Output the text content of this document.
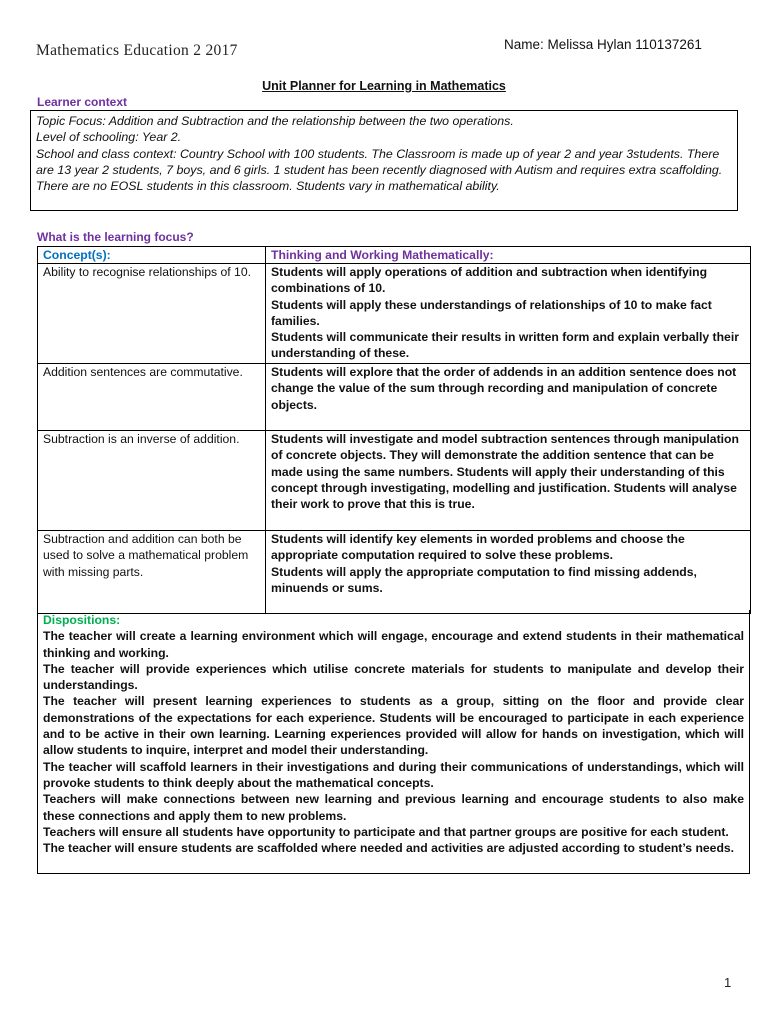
Mathematics Education 2 2017	Name: Melissa Hylan 110137261
Unit Planner for Learning in Mathematics
Learner context

Topic Focus: Addition and Subtraction and the relationship between the two operations.

Level of schooling: Year 2.

School and class context: Country School with 100 students. The Classroom is made up of year 2 and year 3students. There are 13 year 2 students, 7 boys, and 6 girls. 1 student has been recently diagnosed with Autism and requires extra scaffolding. There are no EOSL students in this classroom. Students vary in mathematical ability.

What is the learning focus?
Concept(s):	Thinking and Working Mathematically:
Ability to recognise relationships of 10.	Students will apply operations of addition and subtraction when identifying combinations of 10.

Students will apply these understandings of relationships of 10 to make fact families.

Students will communicate their results in written form and explain verbally their understanding of these.

Addition sentences are commutative.	Students will explore that the order of addends in an addition sentence does not change the value of the sum through recording and manipulation of concrete objects.

Subtraction is an inverse of addition.	Students will investigate and model subtraction sentences through manipulation of concrete objects. They will demonstrate the addition sentence that can be made using the same numbers. Students will apply their understanding of this concept through investigating, modelling and justification. Students will analyse their work to prove that this is true.

Subtraction and addition can both be used to solve a mathematical problem with missing parts.	Students will identify key elements in worded problems and choose the appropriate computation required to solve these problems.

Students will apply the appropriate computation to find missing addends, minuends or sums.

Dispositions:

The teacher will create a learning environment which will engage, encourage and extend students in their mathematical thinking and working.

The teacher will provide experiences which utilise concrete materials for students to manipulate and develop their understandings.

The teacher will present learning experiences to students as a group, sitting on the floor and provide clear demonstrations of the expectations for each experience. Students will be encouraged to participate in each experience and to be active in their own learning. Learning experiences provided will allow for hands on investigation, which will allow students to inquire, interpret and model their understanding.

The teacher will scaffold learners in their investigations and during their communications of understandings, which will provoke students to think deeply about the mathematical concepts.

Teachers will make connections between new learning and previous learning and encourage students to also make these connections and apply them to new problems.

Teachers will ensure all students have opportunity to participate and that partner groups are positive for each student.

The teacher will ensure students are scaffolded where needed and activities are adjusted according to student’s needs.

1
